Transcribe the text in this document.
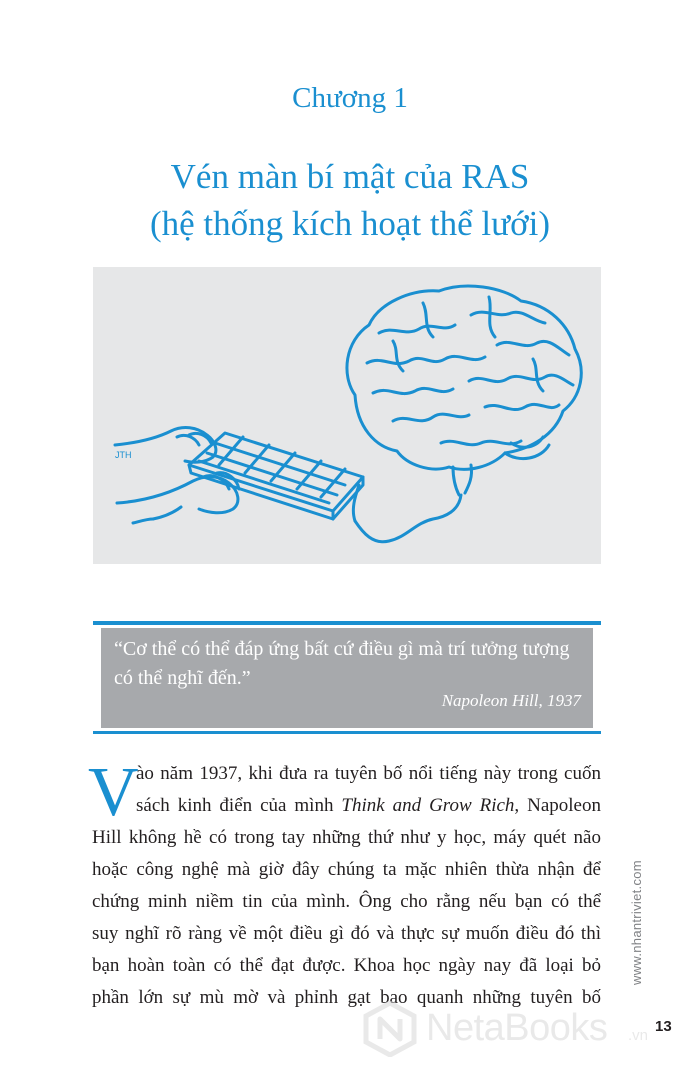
Chương 1
Vén màn bí mật của RAS
(hệ thống kích hoạt thể lưới)
JTH
“Cơ thể có thể đáp ứng bất cứ điều gì mà trí tưởng tượng
có thể nghĩ đến.”
Napoleon Hill, 1937
V
ào năm 1937, khi đưa ra tuyên bố nổi tiếng này trong cuốn
sách kinh điển của mình Think and Grow Rich, Napoleon
Hill không hề có trong tay những thứ như y học, máy quét não
hoặc công nghệ mà giờ đây chúng ta mặc nhiên thừa nhận để
chứng minh niềm tin của mình. Ông cho rằng nếu bạn có thể
suy nghĩ rõ ràng về một điều gì đó và thực sự muốn điều đó thì
bạn hoàn toàn có thể đạt được. Khoa học ngày nay đã loại bỏ
phần lớn sự mù mờ và phỉnh gạt bao quanh những tuyên bố
www.nhantriviet.com
13
NetaBooks .vn
